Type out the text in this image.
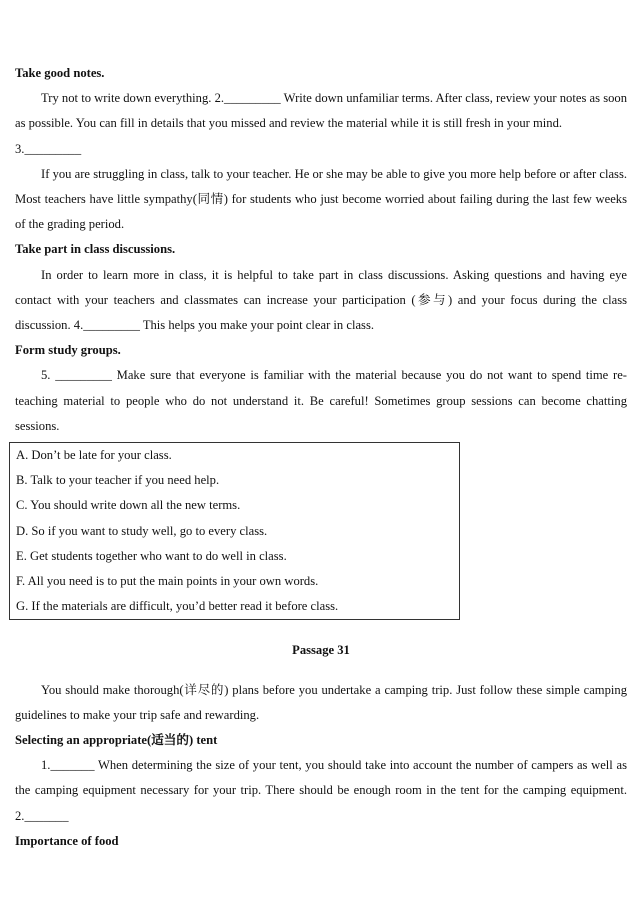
Take good notes.

Try not to write down everything. 2._________ Write down unfamiliar terms. After class, review your notes as soon as possible. You can fill in details that you missed and review the material while it is still fresh in your mind.

3._________

If you are struggling in class, talk to your teacher. He or she may be able to give you more help before or after class. Most teachers have little sympathy(同情) for students who just become worried about failing during the last few weeks of the grading period.

Take part in class discussions.

In order to learn more in class, it is helpful to take part in class discussions. Asking questions and having eye contact with your teachers and classmates can increase your participation (参与) and your focus during the class discussion. 4._________ This helps you make your point clear in class.

Form study groups.

5. _________ Make sure that everyone is familiar with the material because you do not want to spend time re-teaching material to people who do not understand it. Be careful! Sometimes group sessions can become chatting sessions.

A. Don’t be late for your class.

B. Talk to your teacher if you need help.

C. You should write down all the new terms.

D. So if you want to study well, go to every class.

E. Get students together who want to do well in class.

F. All you need is to put the main points in your own words.

G. If the materials are difficult, you’d better read it before class.

Passage 31

You should make thorough(详尽的) plans before you undertake a camping trip. Just follow these simple camping guidelines to make your trip safe and rewarding.

Selecting an appropriate(适当的) tent

1._______ When determining the size of your tent, you should take into account the number of campers as well as the camping equipment necessary for your trip. There should be enough room in the tent for the camping equipment. 2._______

Importance of food
